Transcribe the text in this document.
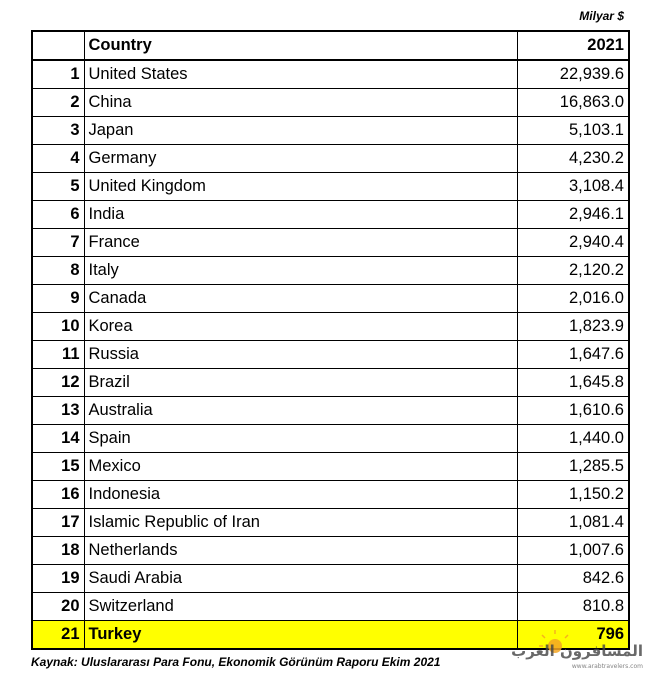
Milyar $
	Country	2021
1	United States	22,939.6
2	China	16,863.0
3	Japan	5,103.1
4	Germany	4,230.2
5	United Kingdom	3,108.4
6	India	2,946.1
7	France	2,940.4
8	Italy	2,120.2
9	Canada	2,016.0
10	Korea	1,823.9
11	Russia	1,647.6
12	Brazil	1,645.8
13	Australia	1,610.6
14	Spain	1,440.0
15	Mexico	1,285.5
16	Indonesia	1,150.2
17	Islamic Republic of Iran	1,081.4
18	Netherlands	1,007.6
19	Saudi Arabia	842.6
20	Switzerland	810.8
21	Turkey	796
Kaynak: Uluslararası Para Fonu, Ekonomik Görünüm Raporu Ekim 2021
المسافرون العرب
www.arabtravelers.com
